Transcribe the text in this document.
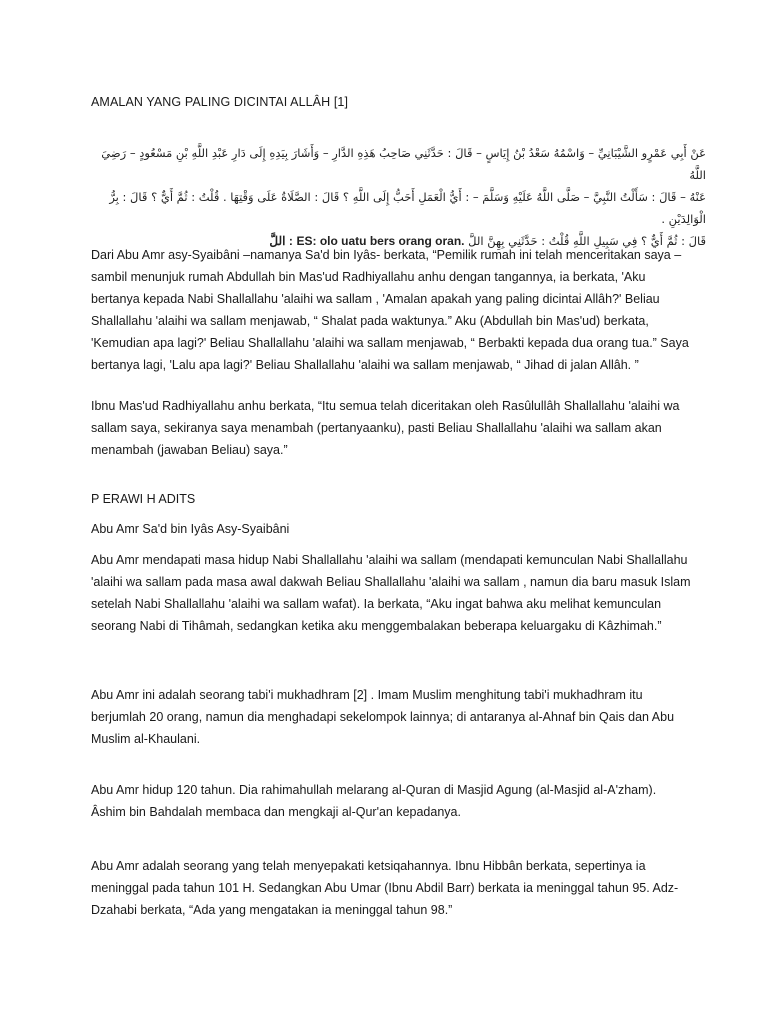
AMALAN YANG PALING DICINTAI ALLÂH [1]
عَنْ أَبِي عَمْرٍو الشَّيْبَانِيِّ – وَاسْمُهُ سَعْدُ بْنُ إِيَاسٍ – قَالَ : حَدَّثَنِي صَاحِبُ هَذِهِ الدَّارِ – وَأَشَارَ بِيَدِهِ إِلَى دَارِ عَبْدِ اللَّهِ بْنِ مَسْعُودٍ – رَضِيَ اللَّهُ
عَنْهُ – قَالَ : سَأَلْتُ النَّبِيَّ – صَلَّى اللَّهُ عَلَيْهِ وَسَلَّمَ – : أَيُّ الْعَمَلِ أَحَبُّ إِلَى اللَّهِ ؟ قَالَ : الصَّلَاةُ عَلَى وَقْتِهَا . قُلْتُ : ثُمَّ أَيٌّ ؟ قَالَ : بِرُّ الْوَالِدَيْنِ .
قَالَ : ثُمَّ أَيٌّ ؟ فِي سَبِيلِ اللَّهِ قُلْتُ : حَدَّثَنِي بِهِنَّ اللَّ ES: olo uatu bers orang oran. : اللَّ

Dari Abu Amr asy-Syaibâni –namanya Sa'd bin Iyâs- berkata, “Pemilik rumah ini telah menceritakan saya –sambil menunjuk rumah Abdullah bin Mas'ud Radhiyallahu anhu dengan tangannya, ia berkata, 'Aku bertanya kepada Nabi Shallallahu 'alaihi wa sallam , 'Amalan apakah yang paling dicintai Allâh?' Beliau Shallallahu 'alaihi wa sallam menjawab, “ Shalat pada waktunya.” Aku (Abdullah bin Mas'ud) berkata, 'Kemudian apa lagi?' Beliau Shallallahu 'alaihi wa sallam menjawab, “ Berbakti kepada dua orang tua.” Saya bertanya lagi, 'Lalu apa lagi?' Beliau Shallallahu 'alaihi wa sallam menjawab, “ Jihad di jalan Allâh. ”

Ibnu Mas'ud Radhiyallahu anhu berkata, “Itu semua telah diceritakan oleh Rasûlullâh Shallallahu 'alaihi wa sallam saya, sekiranya saya menambah (pertanyaanku), pasti Beliau Shallallahu 'alaihi wa sallam akan menambah (jawaban Beliau) saya.”

P ERAWI H ADITS
Abu Amr Sa'd bin Iyâs Asy-Syaibâni

Abu Amr mendapati masa hidup Nabi Shallallahu 'alaihi wa sallam (mendapati kemunculan Nabi Shallallahu 'alaihi wa sallam pada masa awal dakwah Beliau Shallallahu 'alaihi wa sallam , namun dia baru masuk Islam setelah Nabi Shallallahu 'alaihi wa sallam wafat). Ia berkata, “Aku ingat bahwa aku melihat kemunculan seorang Nabi di Tihâmah, sedangkan ketika aku menggembalakan beberapa keluargaku di Kâzhimah.”

Abu Amr ini adalah seorang tabi'i mukhadhram [2] . Imam Muslim menghitung tabi'i mukhadhram itu berjumlah 20 orang, namun dia menghadapi sekelompok lainnya; di antaranya al-Ahnaf bin Qais dan Abu Muslim al-Khaulani.

Abu Amr hidup 120 tahun. Dia rahimahullah melarang al-Quran di Masjid Agung (al-Masjid al-A'zham). Âshim bin Bahdalah membaca dan mengkaji al-Qur'an kepadanya.

Abu Amr adalah seorang yang telah menyepakati ketsiqahannya. Ibnu Hibbân berkata, sepertinya ia meninggal pada tahun 101 H. Sedangkan Abu Umar (Ibnu Abdil Barr) berkata ia meninggal tahun 95. Adz-Dzahabi berkata, “Ada yang mengatakan ia meninggal tahun 98.”
